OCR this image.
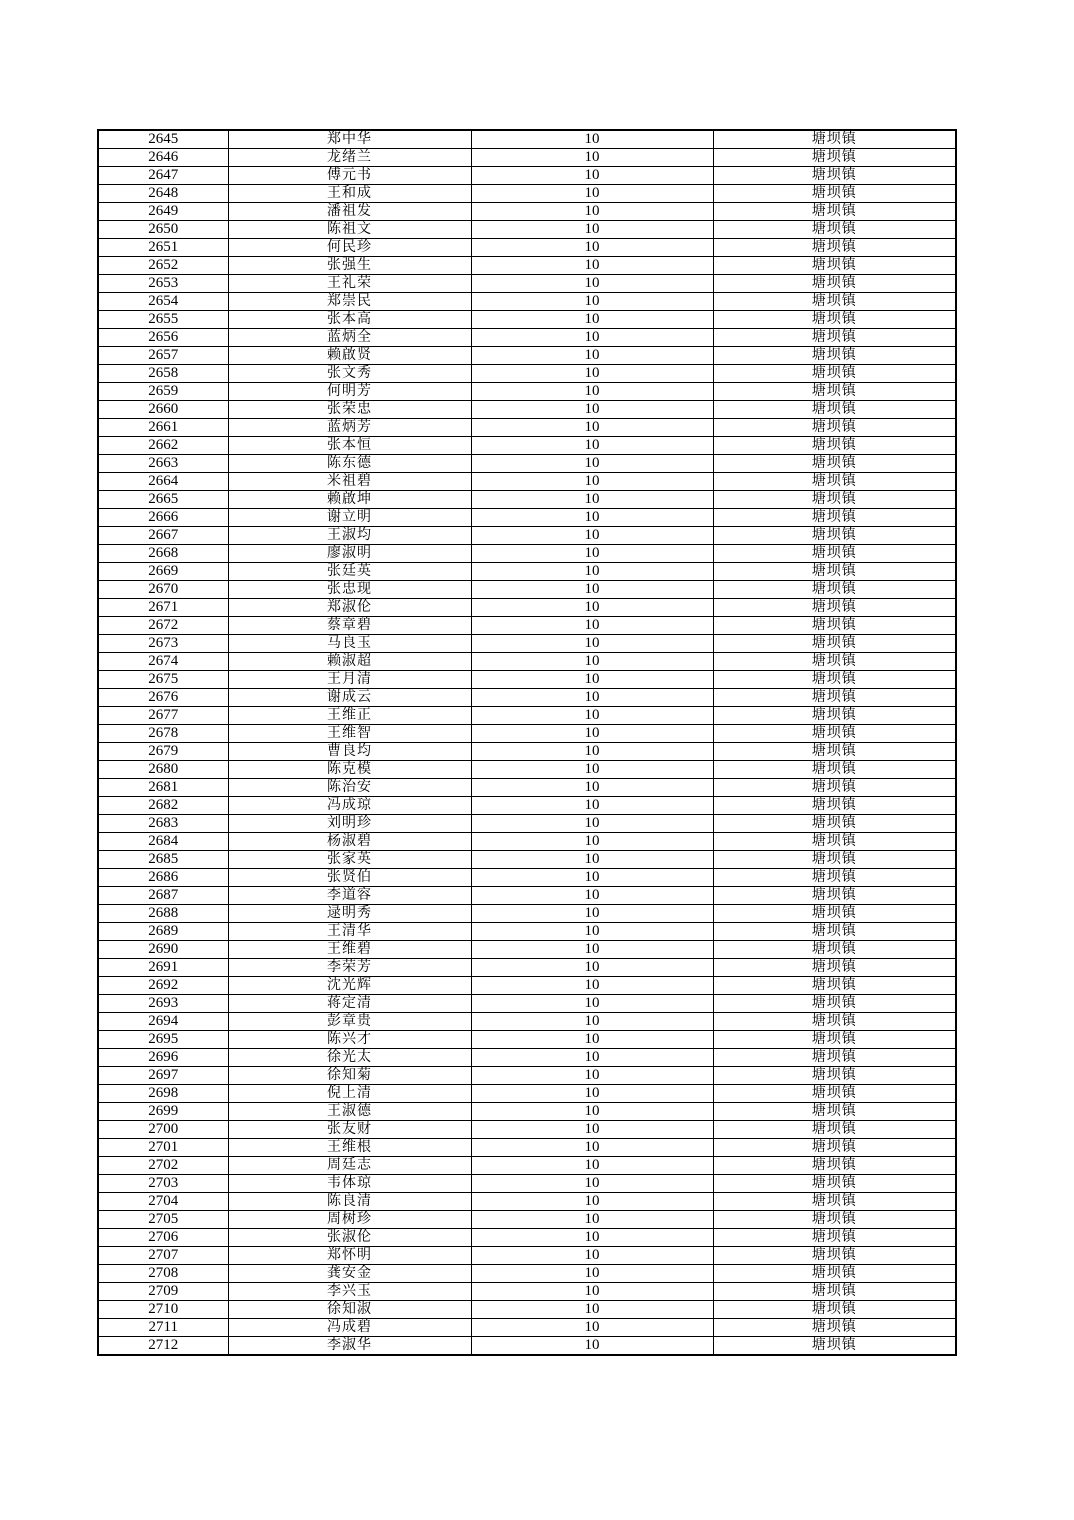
2645	郑中华	10	塘坝镇
2646	龙绪兰	10	塘坝镇
2647	傅元书	10	塘坝镇
2648	王和成	10	塘坝镇
2649	潘祖发	10	塘坝镇
2650	陈祖文	10	塘坝镇
2651	何民珍	10	塘坝镇
2652	张强生	10	塘坝镇
2653	王礼荣	10	塘坝镇
2654	郑崇民	10	塘坝镇
2655	张本高	10	塘坝镇
2656	蓝炳全	10	塘坝镇
2657	赖啟贤	10	塘坝镇
2658	张文秀	10	塘坝镇
2659	何明芳	10	塘坝镇
2660	张荣忠	10	塘坝镇
2661	蓝炳芳	10	塘坝镇
2662	张本恒	10	塘坝镇
2663	陈东德	10	塘坝镇
2664	米祖碧	10	塘坝镇
2665	赖啟坤	10	塘坝镇
2666	谢立明	10	塘坝镇
2667	王淑均	10	塘坝镇
2668	廖淑明	10	塘坝镇
2669	张廷英	10	塘坝镇
2670	张忠现	10	塘坝镇
2671	郑淑伦	10	塘坝镇
2672	蔡章碧	10	塘坝镇
2673	马良玉	10	塘坝镇
2674	赖淑超	10	塘坝镇
2675	王月清	10	塘坝镇
2676	谢成云	10	塘坝镇
2677	王维正	10	塘坝镇
2678	王维智	10	塘坝镇
2679	曹良均	10	塘坝镇
2680	陈克模	10	塘坝镇
2681	陈治安	10	塘坝镇
2682	冯成琼	10	塘坝镇
2683	刘明珍	10	塘坝镇
2684	杨淑碧	10	塘坝镇
2685	张家英	10	塘坝镇
2686	张贤伯	10	塘坝镇
2687	李道容	10	塘坝镇
2688	逯明秀	10	塘坝镇
2689	王清华	10	塘坝镇
2690	王维碧	10	塘坝镇
2691	李荣芳	10	塘坝镇
2692	沈光辉	10	塘坝镇
2693	蒋定清	10	塘坝镇
2694	彭章贵	10	塘坝镇
2695	陈兴才	10	塘坝镇
2696	徐光太	10	塘坝镇
2697	徐知菊	10	塘坝镇
2698	倪上清	10	塘坝镇
2699	王淑德	10	塘坝镇
2700	张友财	10	塘坝镇
2701	王维根	10	塘坝镇
2702	周廷志	10	塘坝镇
2703	韦体琼	10	塘坝镇
2704	陈良清	10	塘坝镇
2705	周树珍	10	塘坝镇
2706	张淑伦	10	塘坝镇
2707	郑怀明	10	塘坝镇
2708	龚安金	10	塘坝镇
2709	李兴玉	10	塘坝镇
2710	徐知淑	10	塘坝镇
2711	冯成碧	10	塘坝镇
2712	李淑华	10	塘坝镇
